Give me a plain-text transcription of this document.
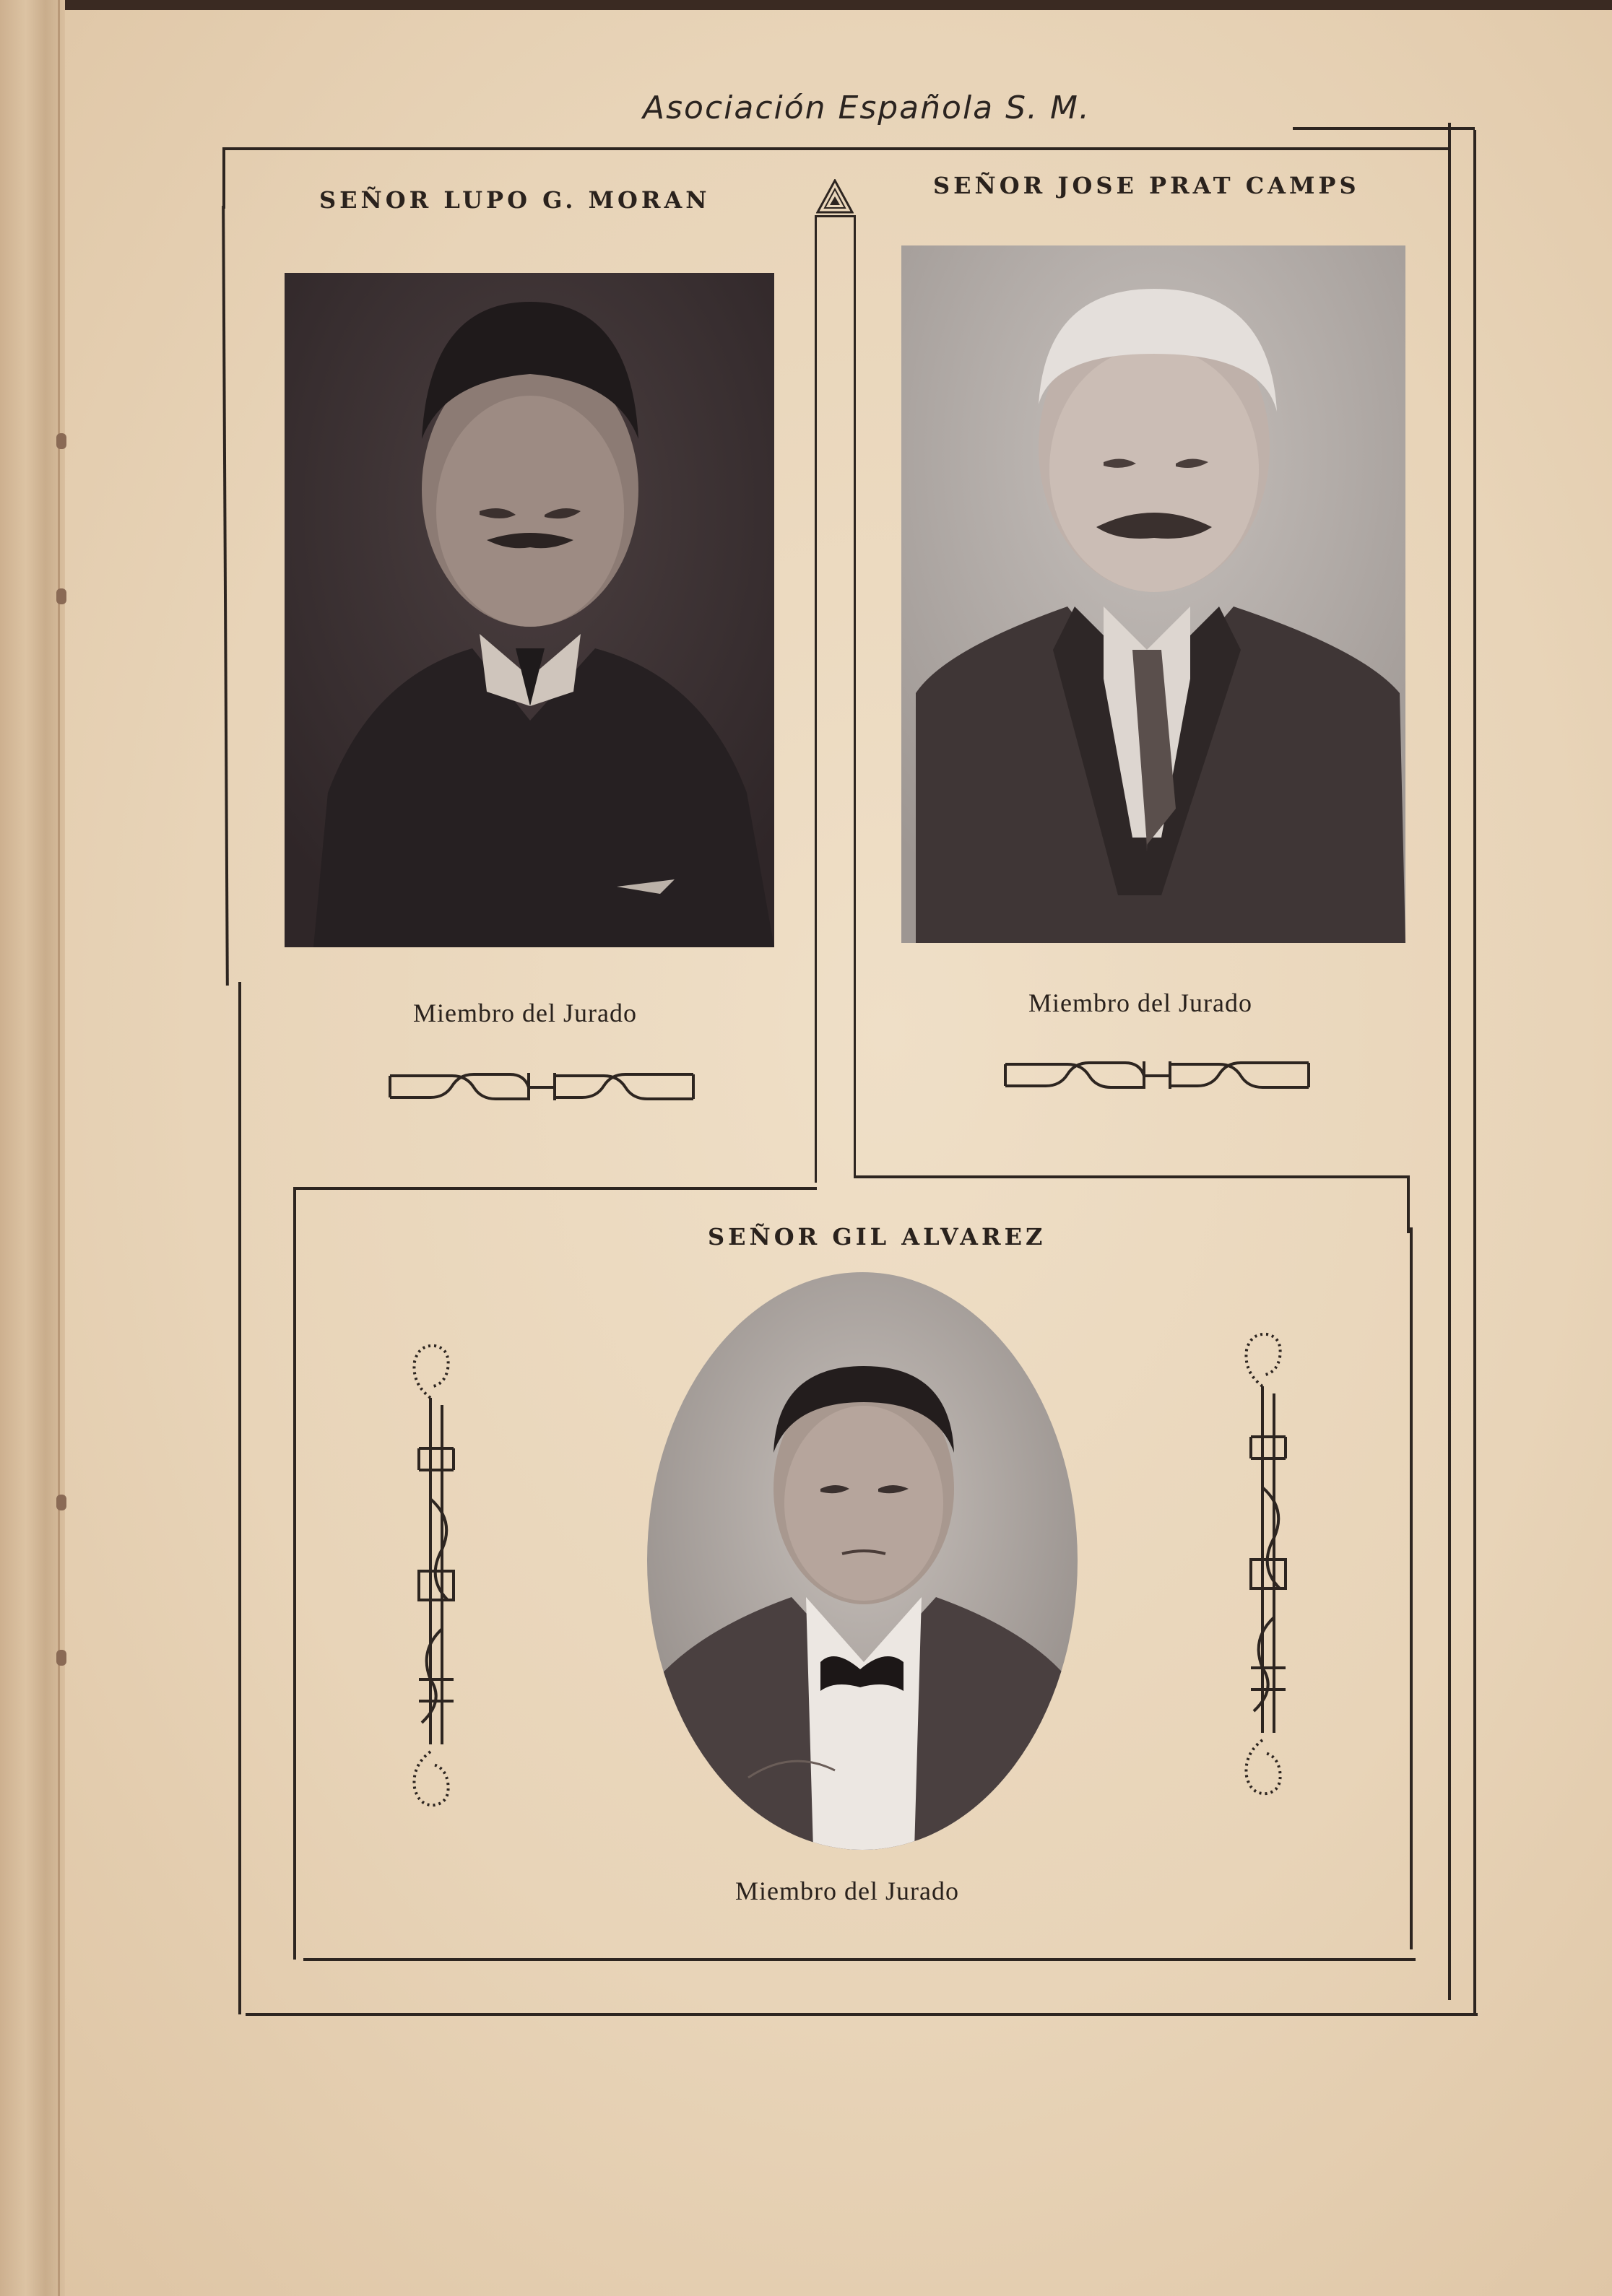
Asociación Española S. M.
SEÑOR LUPO G. MORAN
Miembro del Jurado
SEÑOR JOSE PRAT CAMPS
Miembro del Jurado
SEÑOR GIL ALVAREZ
Miembro del Jurado
